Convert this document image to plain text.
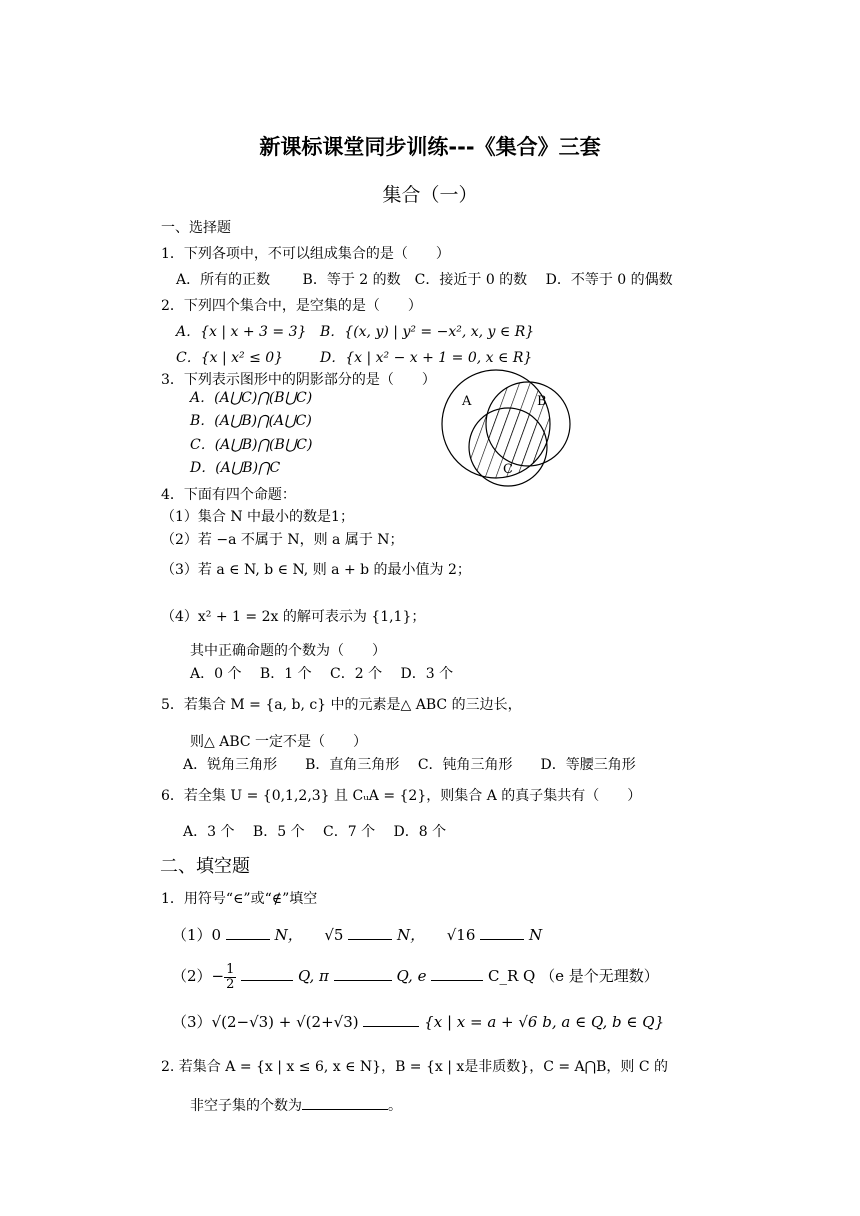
新课标课堂同步训练---《集合》三套
集合（一）
一、选择题
1．下列各项中，不可以组成集合的是（　　）
A．所有的正数　　 B．等于 2 的数　C．接近于 0 的数　 D．不等于 0 的偶数
2．下列四个集合中，是空集的是（　　）
A．{x | x + 3 = 3} B．{(x, y) | y² = −x², x, y ∈ R}
C．{x | x² ≤ 0}	D．{x | x² − x + 1 = 0, x ∈ R}
3．下列表示图形中的阴影部分的是（　　）
A．(A⋃C)⋂(B⋃C)
B．(A⋃B)⋂(A⋃C)
C．(A⋃B)⋂(B⋃C)
D．(A⋃B)⋂C
A	B
C
4．下面有四个命题：
（1）集合 N 中最小的数是1；
（2）若 −a 不属于 N，则 a 属于 N；
（3）若 a ∈ N, b ∈ N, 则 a + b 的最小值为 2；
（4）x² + 1 = 2x 的解可表示为 {1,1}；
其中正确命题的个数为（　　）
A．0 个　 B．1 个　 C．2 个　 D．3 个
5．若集合 M = {a, b, c} 中的元素是△ ABC 的三边长，
则△ ABC 一定不是（　　）
A．锐角三角形　　B．直角三角形　 C．钝角三角形　　D．等腰三角形
6．若全集 U = {0,1,2,3} 且 CᵤA = {2}，则集合 A 的真子集共有（　　）
A．3 个　 B．5 个　 C．7 个　 D．8 个
二、填空题
1．用符号“∈”或“∉”填空
（1）0	N， √5	N， √16	N
$(2)- \frac{1}{2}$	Q, π	Q, e	C_R Q （e 是个无理数）
（3）√(2−√3) + √(2+√3)	{x | x = a + √6 b, a ∈ Q, b ∈ Q}
2. 若集合 A = {x | x ≤ 6, x ∈ N}，B = {x | x是非质数}，C = A⋂B，则 C 的
非空子集的个数为	。
